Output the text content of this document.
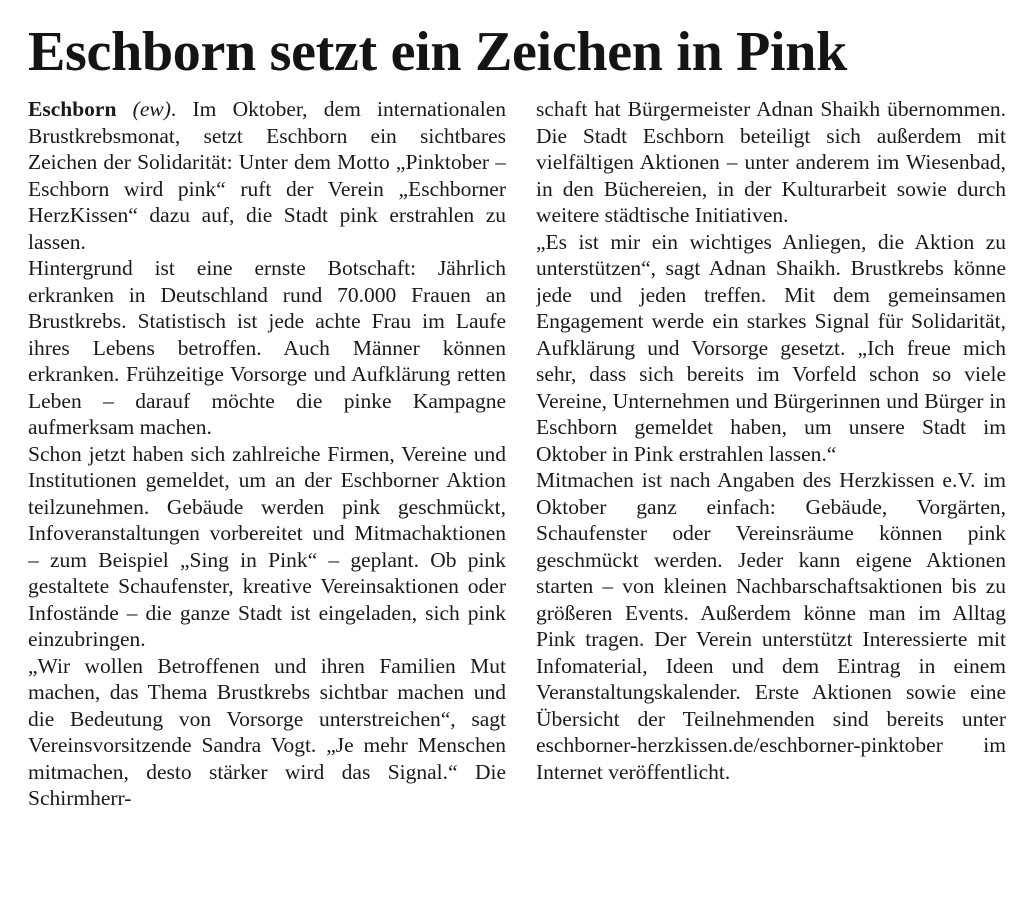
Eschborn setzt ein Zeichen in Pink

Eschborn (ew). Im Oktober, dem internationalen Brustkrebsmonat, setzt Eschborn ein sichtbares Zeichen der Solidarität: Unter dem Motto „Pinktober – Eschborn wird pink“ ruft der Verein „Eschborner HerzKissen“ dazu auf, die Stadt pink erstrahlen zu lassen.

Hintergrund ist eine ernste Botschaft: Jährlich erkranken in Deutschland rund 70.000 Frauen an Brustkrebs. Statistisch ist jede achte Frau im Laufe ihres Lebens betroffen. Auch Männer können erkranken. Frühzeitige Vorsorge und Aufklärung retten Leben – darauf möchte die pinke Kampagne aufmerksam machen.

Schon jetzt haben sich zahlreiche Firmen, Vereine und Institutionen gemeldet, um an der Eschborner Aktion teilzunehmen. Gebäude werden pink geschmückt, Infoveranstaltungen vorbereitet und Mitmachaktionen – zum Beispiel „Sing in Pink“ – geplant. Ob pink gestaltete Schaufenster, kreative Vereinsaktionen oder Infostände – die ganze Stadt ist eingeladen, sich pink einzubringen.

„Wir wollen Betroffenen und ihren Familien Mut machen, das Thema Brustkrebs sichtbar machen und die Bedeutung von Vorsorge unterstreichen“, sagt Vereinsvorsitzende Sandra Vogt. „Je mehr Menschen mitmachen, desto stärker wird das Signal.“ Die Schirmherr-

schaft hat Bürgermeister Adnan Shaikh übernommen. Die Stadt Eschborn beteiligt sich außerdem mit vielfältigen Aktionen – unter anderem im Wiesenbad, in den Büchereien, in der Kulturarbeit sowie durch weitere städtische Initiativen.

„Es ist mir ein wichtiges Anliegen, die Aktion zu unterstützen“, sagt Adnan Shaikh. Brustkrebs könne jede und jeden treffen. Mit dem gemeinsamen Engagement werde ein starkes Signal für Solidarität, Aufklärung und Vorsorge gesetzt. „Ich freue mich sehr, dass sich bereits im Vorfeld schon so viele Vereine, Unternehmen und Bürgerinnen und Bürger in Eschborn gemeldet haben, um unsere Stadt im Oktober in Pink erstrahlen lassen.“

Mitmachen ist nach Angaben des Herzkissen e.V. im Oktober ganz einfach: Gebäude, Vorgärten, Schaufenster oder Vereinsräume können pink geschmückt werden. Jeder kann eigene Aktionen starten – von kleinen Nachbarschaftsaktionen bis zu größeren Events. Außerdem könne man im Alltag Pink tragen. Der Verein unterstützt Interessierte mit Infomaterial, Ideen und dem Eintrag in einem Veranstaltungskalender. Erste Aktionen sowie eine Übersicht der Teilnehmenden sind bereits unter eschborner-herzkissen.de/eschborner-pinktober im Internet veröffentlicht.
